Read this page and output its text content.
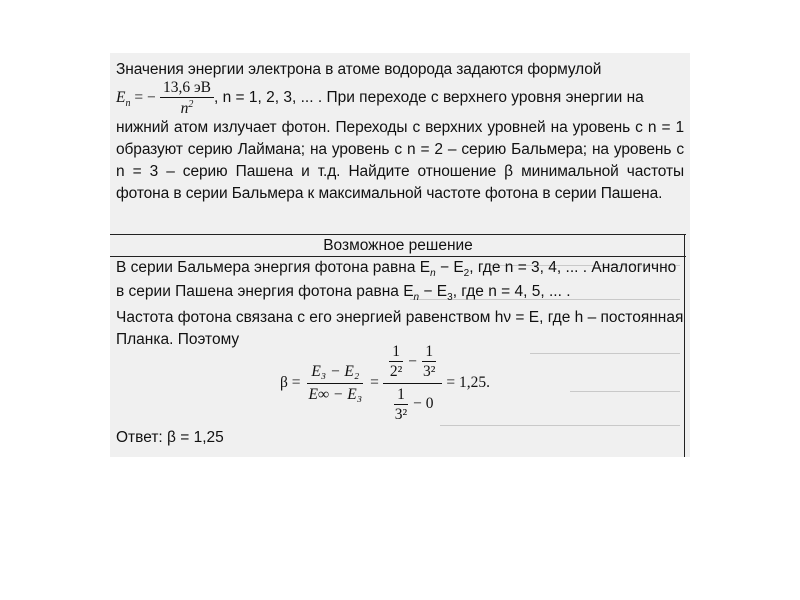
Значения энергии электрона в атоме водорода задаются формулой
$E_n$ = − $\frac{13,6 эВ}{n^2}$ , n = 1, 2, 3, ... . При переходе с верхнего уровня энергии на
нижний атом излучает фотон. Переходы с верхних уровней на уровень с n = 1
образуют серию Лаймана; на уровень с n = 2 – серию Бальмера; на уровень с
n = 3 – серию Пашена и т.д. Найдите отношение β минимальной частоты
фотона в серии Бальмера к максимальной частоте фотона в серии Пашена.
Возможное решение
В серии Бальмера энергия фотона равна $E_n - E_2$, где n = 3, 4, ... . Аналогично
в серии Пашена энергия фотона равна $E_n - E_3$, где n = 4, 5, ... .
Частота фотона связана с его энергией равенством hν = E, где h – постоянная
Планка. Поэтому
$\beta = \frac{\text{E₃ − E₂}}{\text{E∞ − E₃}} = \frac{\frac{1}{\text{2²}} - \frac{1}{\text{3²}}}{\frac{1}{\text{3²}} - 0} = 1,25$.
Ответ: β = 1,25
